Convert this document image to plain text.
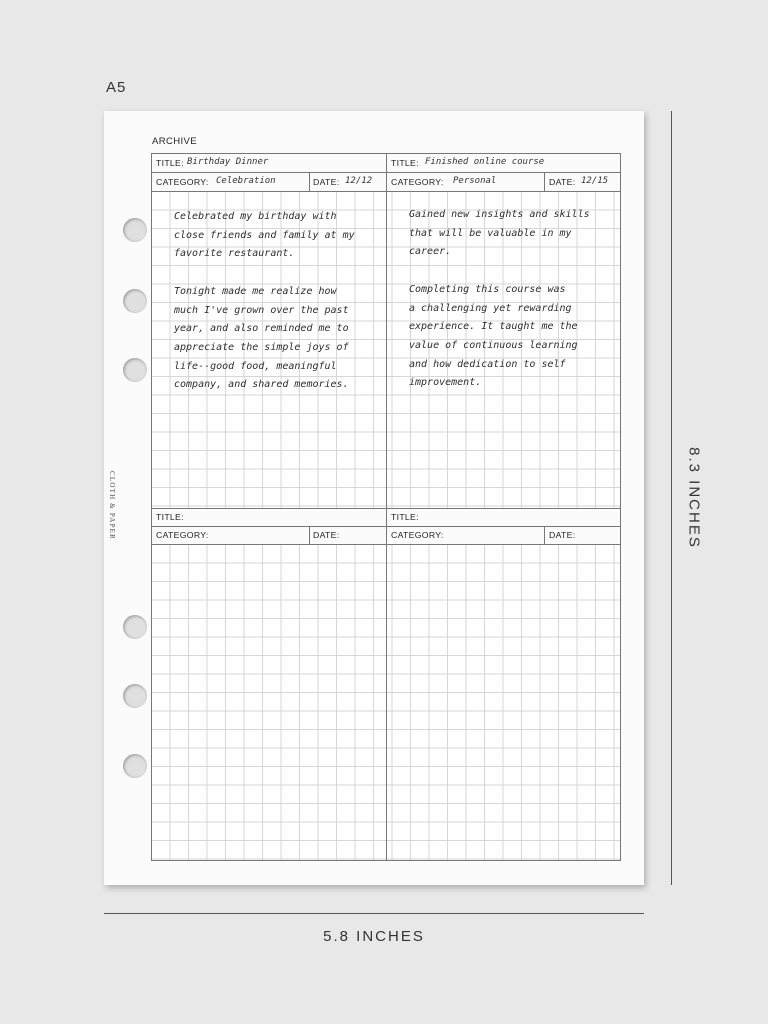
A5
CLOTH & PAPER
ARCHIVE
TITLE: Birthday Dinner
CATEGORY: Celebration	DATE: 12/12

Celebrated my birthday with
close friends and family at my
favorite restaurant.

Tonight made me realize how
much I've grown over the past
year, and also reminded me to
appreciate the simple joys of
life--good food, meaningful
company, and shared memories.

TITLE: Finished online course
CATEGORY: Personal	DATE: 12/15

Gained new insights and skills
that will be valuable in my
career.

Completing this course was
a challenging yet rewarding
experience. It taught me the
value of continuous learning
and how dedication to self
improvement.

TITLE:
CATEGORY:	DATE:
TITLE:
CATEGORY:	DATE:	8.3 INCHES
5.8 INCHES
